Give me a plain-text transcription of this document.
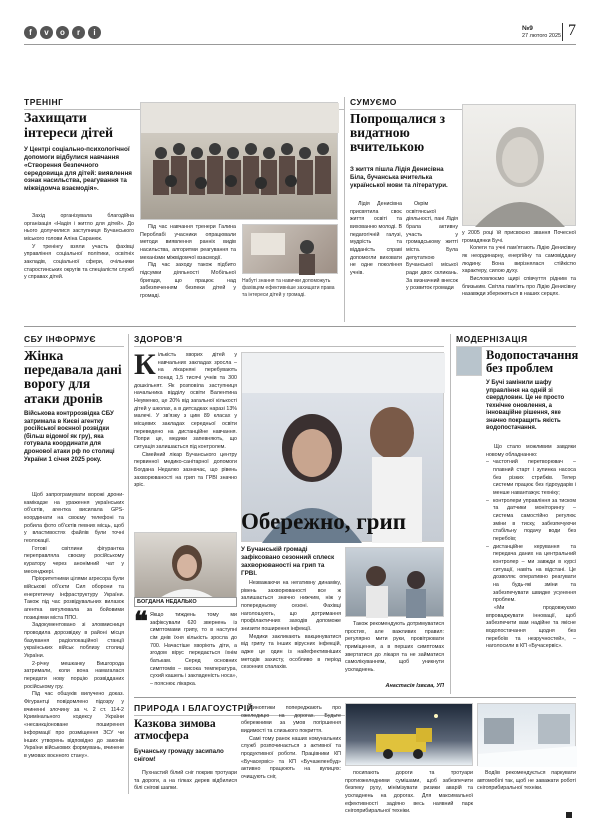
f	v	o	r	i	№9
27 лютого 2025 7
ТРЕНІНГ
Захищати інтереси дітей
У Центрі соціально-психологічної допомоги відбулися навчання «Створення безпечного середовища для дітей: виявлення ознак насильства, реагування та міжвідомча взаємодія».

Захід організувала благодійна організація «Надія і житло для дітей». До нього долучилися заступниця Бучанського міського голови Аліна Саранюк.

У тренінгу взяли участь фахівці управління соціальної політики, освітніх закладів, соціальної сфери, очільники старостинських округів та спеціалісти служб у справах дітей.

Під час навчання тренери Галина Пероблабі учасники опрацювали методи виявлення ранніх видів насильства, алгоритми реагування та механізми міжвідомчої взаємодії.

Під час заходу також підбито підсумки діяльності Мобільної бригади, що працює над забезпеченням безпеки дітей у громаді.

Набуті знання та навички допоможуть фахівцям ефективніше захищати права та інтереси дітей у громаді.
СУМУЄМО
Попрощалися з видатною вчителькою
З життя пішла Лідія Денисівна Біла, бучанська вчителька української мови та літератури.

Лідія Денисівна присвятила своє життя освіті та вихованню молоді. В педагогічній галузі, мудрість та відданість справі допомогли виховати не одне покоління учнів.

Окрім освітянської діяльності, пані Лідія брала активну участь у громадському житті міста. Була депутаткою Бучанської міської ради двох скликань. За визначний внесок у розвиток громади

у 2005 році їй присвоєно звання Почесної громадянки Бучі.

Колеги та учні пам'ятають Лідію Денисівну як неординарну, енергійну та самовіддану людину. Вона вирізнялася стійкістю характеру, силою духу.

Висловлюємо щирі співчуття рідним та близьким. Світла пам'ять про Лідію Денисівну назавжди збережеться в наших серцях.

СБУ ІНФОРМУЄ
Жінка передавала дані ворогу для атаки дронів
Військова контррозвідка СБУ затримала в Києві агентку російської воєнної розвідки (більш відомої як гру), яка готувала координати для дронової атаки рф по столиці України 1 січня 2025 року.

Щоб запрограмувати ворожі дрони-камікадзе на ураження українських об'єктів, агентка висилала GPS-координати на своєму телефоні та робила фото об'єктів певних місць, щоб у властивостях файлів були точні геолокації.

Готові світлини фігурантка переправляла своєму російському куратору через анонімний чат у месенджері.

Пріоритетними цілями агресора були військові об'єкти Сил оборони та енергетичну інфраструктуру України. Також під час розвідувальних вилазок агентка вигулювала за бойовими позиціями міста ППО.

Задокументовано зі зловмисниця проводила дорозвідку в районі місця базування радіолокаційної станції українських військ поблизу столиці України.

2-річну мешканку Вишгорода затримали, коли вона намагалася передати нову порцію розвідданих російському гру.

Під час обшуків вилучено доказ. Фігурантці повідомлено підозру у вчиненні злочину за ч. 2 ст. 114-2 Кримінального кодексу України «несанкціоноване поширення інформації про розміщення ЗСУ чи інших утворень відповідно до законів України військових формувань, вчинене в умовах воєнного стану».

ЗДОРОВ'Я
К ількість хворих дітей у навчальних закладах зросла – на лікарняні перебувають понад 1,5 тисячі учнів та 300 дошкільнят. Як розповіла заступниця начальника відділу освіти Валентина Неуменко, це 20% від загальної кількості дітей у школах, а в дитсадках наразі 13% малечі. У зв'язку з цим 89 класах у місцевих закладах середньої освіти переведено на дистанційне навчання. Попри це, медики запевняють, що ситуація залишається під контролем.

Сімейний лікар Бучанського центру первинної медико-санітарної допомоги Богдана Недалко зазначає, що рівень захворюваності на грип та ГРВІ значно зріс.

Обережно, грип
БОГДАНА НЕДАЛЬКО
❝ Якщо тиждень тому ми зафіксували 620 звернень із симптомами грипу, то в наступні сім днів їхня кількість зросла до 700. Начастіше хворіють діти, а згодом вірус передається їхнім батькам. Серед основних симптомів – висока температура, сухий кашель і закладеність носа», – пояснює лікарка.
У Бучанській громаді зафіксовано сезонний сплеск захворюваності на грип та ГРВІ.

Незважаючи на негативну динаміку, рівень захворюваності все ж залишається значно нижчим, ніж у попередньому сезоні. Фахівці наголошують, що дотримання профілактичних заходів допоможе знизити поширення інфекції.

Медики закликають вакцинуватися від грипу та інших вірусних інфекцій, адже це один із найефективніших методів захисту, особливо в період сезонних спалахів.

Також рекомендують дотримуватися простих, але важливих правил: регулярно мити руки, провітрювати приміщення, а в перших симптомах звертатися до лікаря та не займатися самолікуванням, щоб уникнути ускладнень.

Анастасія Ізвєва, УП
МОДЕРНІЗАЦІЯ
Водопостачання без проблем
У Бучі замінили шафу управління на одній зі свердловин. Це не просто технічне оновлення, а інноваційне рішення, яке значно покращить якість водопостачання.

Що стало можливим завдяки новому обладнанню:

– частотний перетворювач – плавний старт і зупинка насоса без різких стрибків. Тепер системи працює без гідроударів і менше навантажує техніку;

– контролери управління за тиском та датчики моніторингу – система самостійно регулює зміни в тиску, забезпечуючи стабільну подачу води без перебоїв;

– дистанційне керування та передача даних на центральний контролер – ми завжди в курсі ситуації, навіть на відстані. Це дозволяє оперативно реагувати на будь-які зміни та забезпечувати швидке усунення проблем.

«Ми продовжуємо впроваджувати інновації, щоб забезпечити вам надійне та якісне водопостачання щодня без перебоїв та незручностей», – наголосили в КП «Бучасервіс».

ПРИРОДА І БЛАГОУСТРІЙ
Казкова зимова атмосфера
Бучанську громаду засипало снігом!

Пухнастий білий сніг покрив тротуари та дороги, а на гілках дерев відбилися білі снігові шапки.

Синоптики попереджають про ожеледицю на дорогах. Будьте обережними за умов погіршення видимості та слизького покриття.

Самі тому ранок наших комунальних служб розпочинається з активної та продуктивної роботи. Працівники КП «Бучасервіс» та КП «Бучазеленбуд» активно працюють на вулицях: очищують сніг,

посипають дороги та тротуари протиожеледними сумішами, щоб забезпечити безпеку руху, мінімізувати ризики аварій та ускладнень на дорогах. Для максимальної ефективності задіяно весь наявний парк снігоприбиральної техніки.

Водіїв рекомендується паркувати автомобілі так, щоб не заважати роботі снігоприбиральної техніки.
